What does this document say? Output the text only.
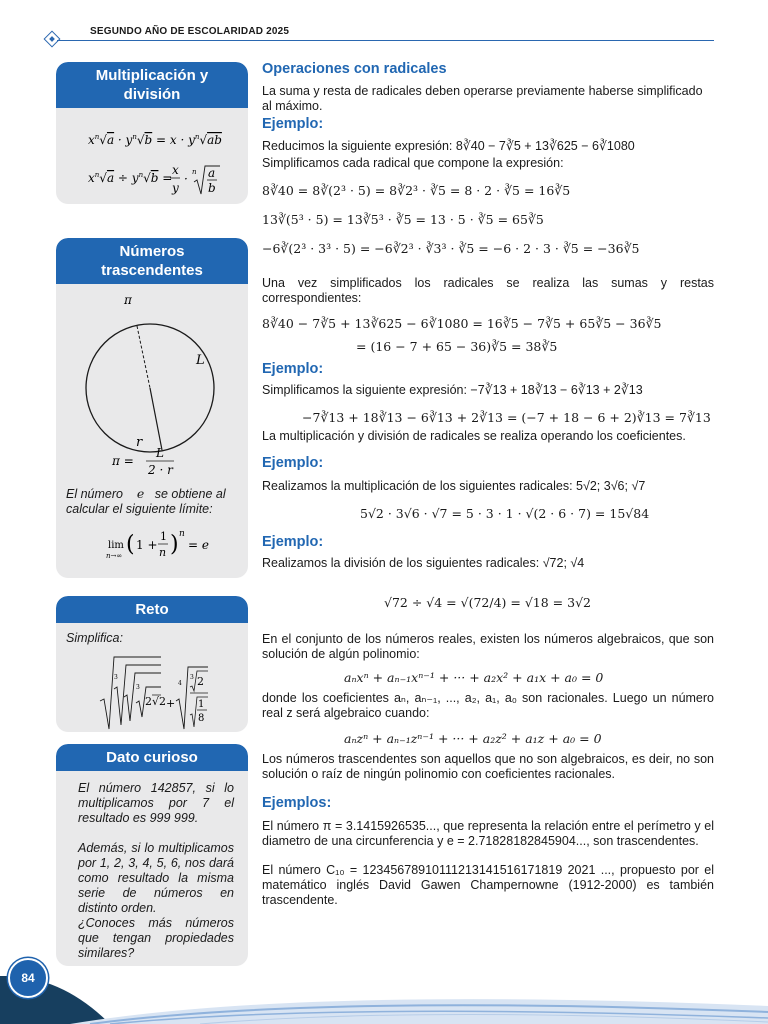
SEGUNDO AÑO DE ESCOLARIDAD 2025
Multiplicación y
división
$x^n√a \cdot y^n√b = x \cdot y^n√ab$
$x^n√a \div y^n√b$ =
x
y
· n a
b
Números
trascendentes
π
L
r
π =
L
2 · r
El número e se obtiene al calcular el siguiente límite:
lim
n→∞ ( 1 +
1
n ) n
= e
Reto
Simplifica:
3
3
2√2 +
4
3 2
1
8
Dato curioso

El número 142857, si lo multiplicamos por 7 el resultado es 999 999.

Además, si lo multiplicamos por 1, 2, 3, 4, 5, 6, nos dará como resultado la misma serie de números en distinto orden.

¿Conoces más números que tengan propiedades similares?

Operaciones con radicales

La suma y resta de radicales deben operarse previamente haberse simplificado al máximo.

Ejemplo:

Reducimos la siguiente expresión: 8∛40 − 7∛5 + 13∛625 − 6∛1080

Simplificamos cada radical que compone la expresión:

8∛40 = 8∛(2³ · 5) = 8∛2³ · ∛5 = 8 · 2 · ∛5 = 16∛5
13∛(5³ · 5) = 13∛5³ · ∛5 = 13 · 5 · ∛5 = 65∛5
−6∛(2³ · 3³ · 5) = −6∛2³ · ∛3³ · ∛5 = −6 · 2 · 3 · ∛5 = −36∛5

Una vez simplificados los radicales se realiza las sumas y restas correspondientes:

8∛40 − 7∛5 + 13∛625 − 6∛1080 = 16∛5 − 7∛5 + 65∛5 − 36∛5
= (16 − 7 + 65 − 36)∛5 = 38∛5
Ejemplo:

Simplificamos la siguiente expresión: −7∛13 + 18∛13 − 6∛13 + 2∛13

−7∛13 + 18∛13 − 6∛13 + 2∛13 = (−7 + 18 − 6 + 2)∛13 = 7∛13

La multiplicación y división de radicales se realiza operando los coeficientes.

Ejemplo:

Realizamos la multiplicación de los siguientes radicales: 5√2; 3√6; √7

5√2 · 3√6 · √7 = 5 · 3 · 1 · √(2 · 6 · 7) = 15√84
Ejemplo:

Realizamos la división de los siguientes radicales: √72; √4

√72 ÷ √4 = √(72/4) = √18 = 3√2

En el conjunto de los números reales, existen los números algebraicos, que son solución de algún polinomio:

aₙxⁿ + aₙ₋₁xⁿ⁻¹ + ··· + a₂x² + a₁x + a₀ = 0

donde los coeficientes aₙ, aₙ₋₁, ..., a₂, a₁, a₀ son racionales. Luego un número real z será algebraico cuando:

aₙzⁿ + aₙ₋₁zⁿ⁻¹ + ··· + a₂z² + a₁z + a₀ = 0

Los números trascendentes son aquellos que no son algebraicos, es deir, no son solución o raíz de ningún polinomio con coeficientes racionales.

Ejemplos:

El número π = 3.1415926535..., que representa la relación entre el perímetro y el diametro de una circunferencia y e = 2.71828182845904..., son trascendentes.

El número C₁₀ = 12345678910111213141516171819 2021 ..., propuesto por el matemático inglés David Gawen Champernowne (1912-2000) es también trascendente.

84
